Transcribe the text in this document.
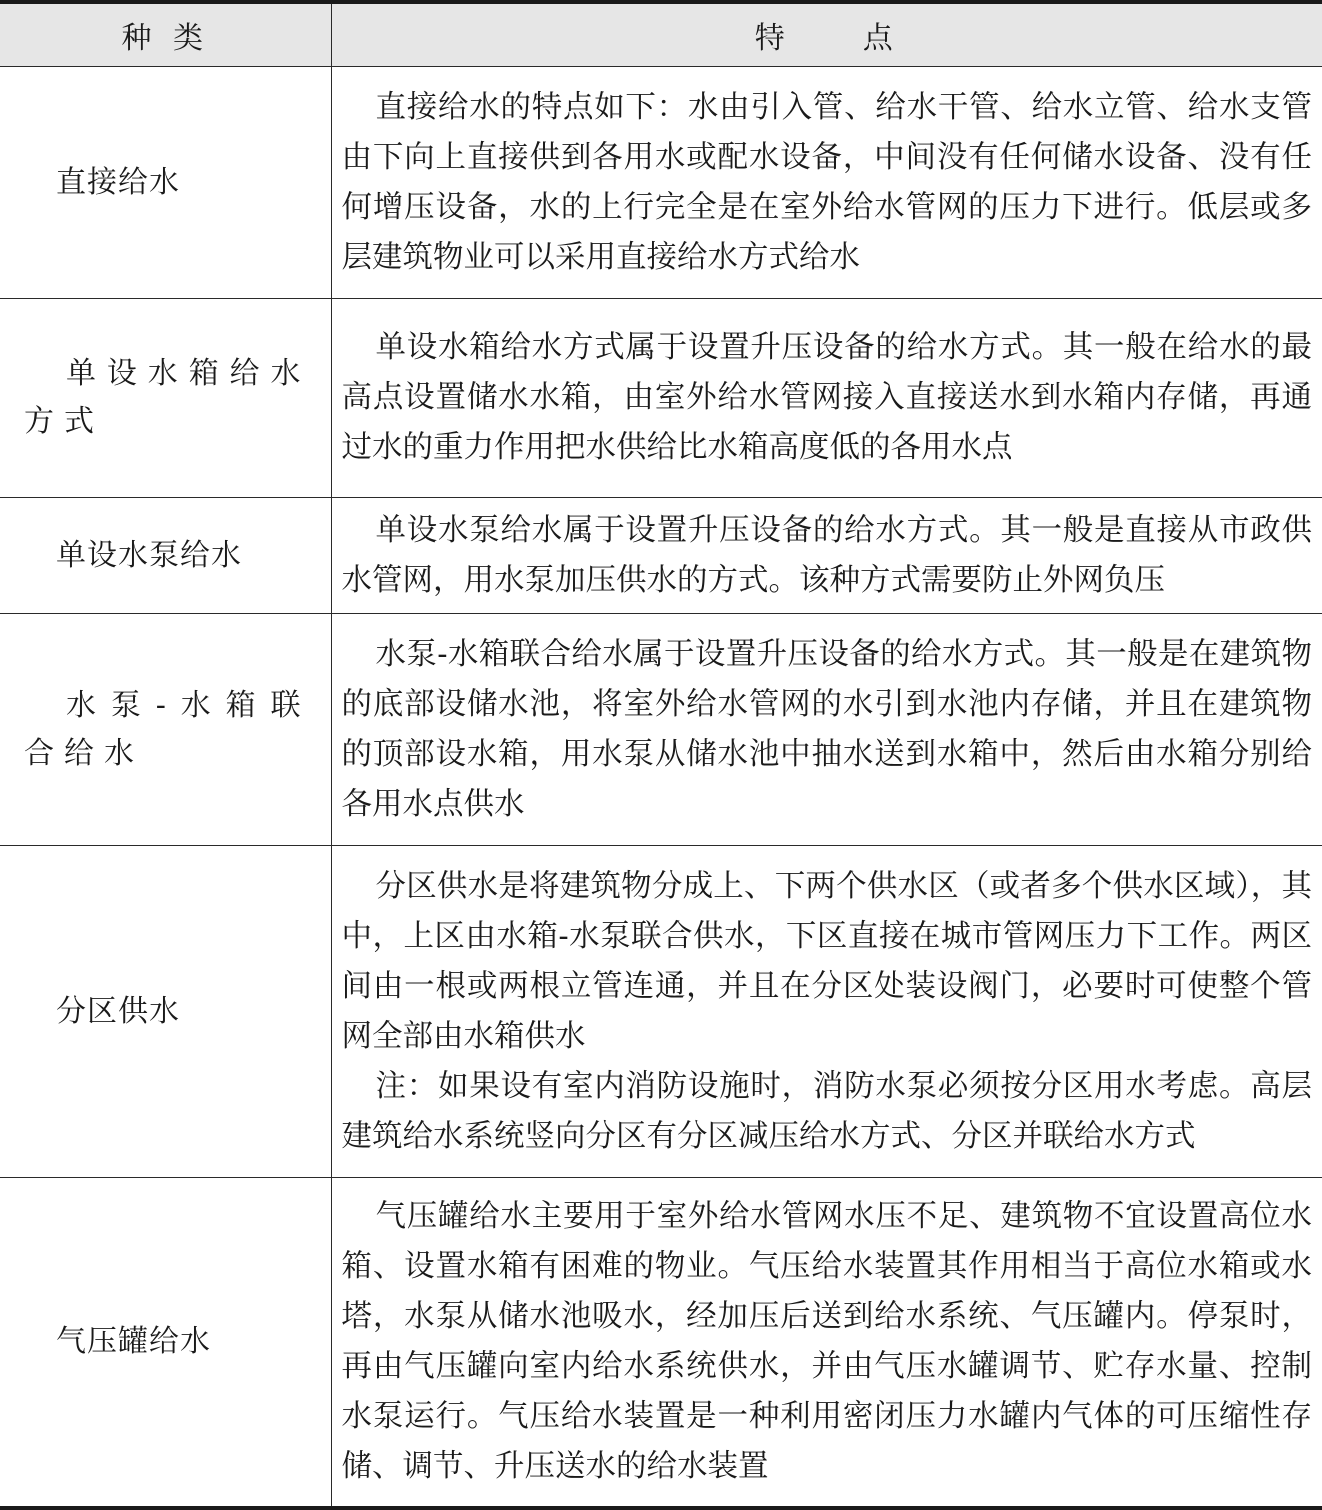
种 类	特　　点
直接给水	直接给水的特点如下：水由引入管、给水干管、给水立管、给水支管由下向上直接供到各用水或配水设备，中间没有任何储水设备、没有任何增压设备，水的上行完全是在室外给水管网的压力下进行。低层或多层建筑物业可以采用直接给水方式给水

单设水箱给水方式	单设水箱给水方式属于设置升压设备的给水方式。其一般在给水的最高点设置储水水箱，由室外给水管网接入直接送水到水箱内存储，再通过水的重力作用把水供给比水箱高度低的各用水点

单设水泵给水	单设水泵给水属于设置升压设备的给水方式。其一般是直接从市政供水管网，用水泵加压供水的方式。该种方式需要防止外网负压

水泵-水箱联合给水	水泵-水箱联合给水属于设置升压设备的给水方式。其一般是在建筑物的底部设储水池，将室外给水管网的水引到水池内存储，并且在建筑物的顶部设水箱，用水泵从储水池中抽水送到水箱中，然后由水箱分别给各用水点供水

分区供水	分区供水是将建筑物分成上、下两个供水区（或者多个供水区域），其中，上区由水箱-水泵联合供水，下区直接在城市管网压力下工作。两区间由一根或两根立管连通，并且在分区处装设阀门，必要时可使整个管网全部由水箱供水

注：如果设有室内消防设施时，消防水泵必须按分区用水考虑。高层建筑给水系统竖向分区有分区减压给水方式、分区并联给水方式

气压罐给水	气压罐给水主要用于室外给水管网水压不足、建筑物不宜设置高位水箱、设置水箱有困难的物业。气压给水装置其作用相当于高位水箱或水塔，水泵从储水池吸水，经加压后送到给水系统、气压罐内。停泵时，再由气压罐向室内给水系统供水，并由气压水罐调节、贮存水量、控制水泵运行。气压给水装置是一种利用密闭压力水罐内气体的可压缩性存储、调节、升压送水的给水装置
